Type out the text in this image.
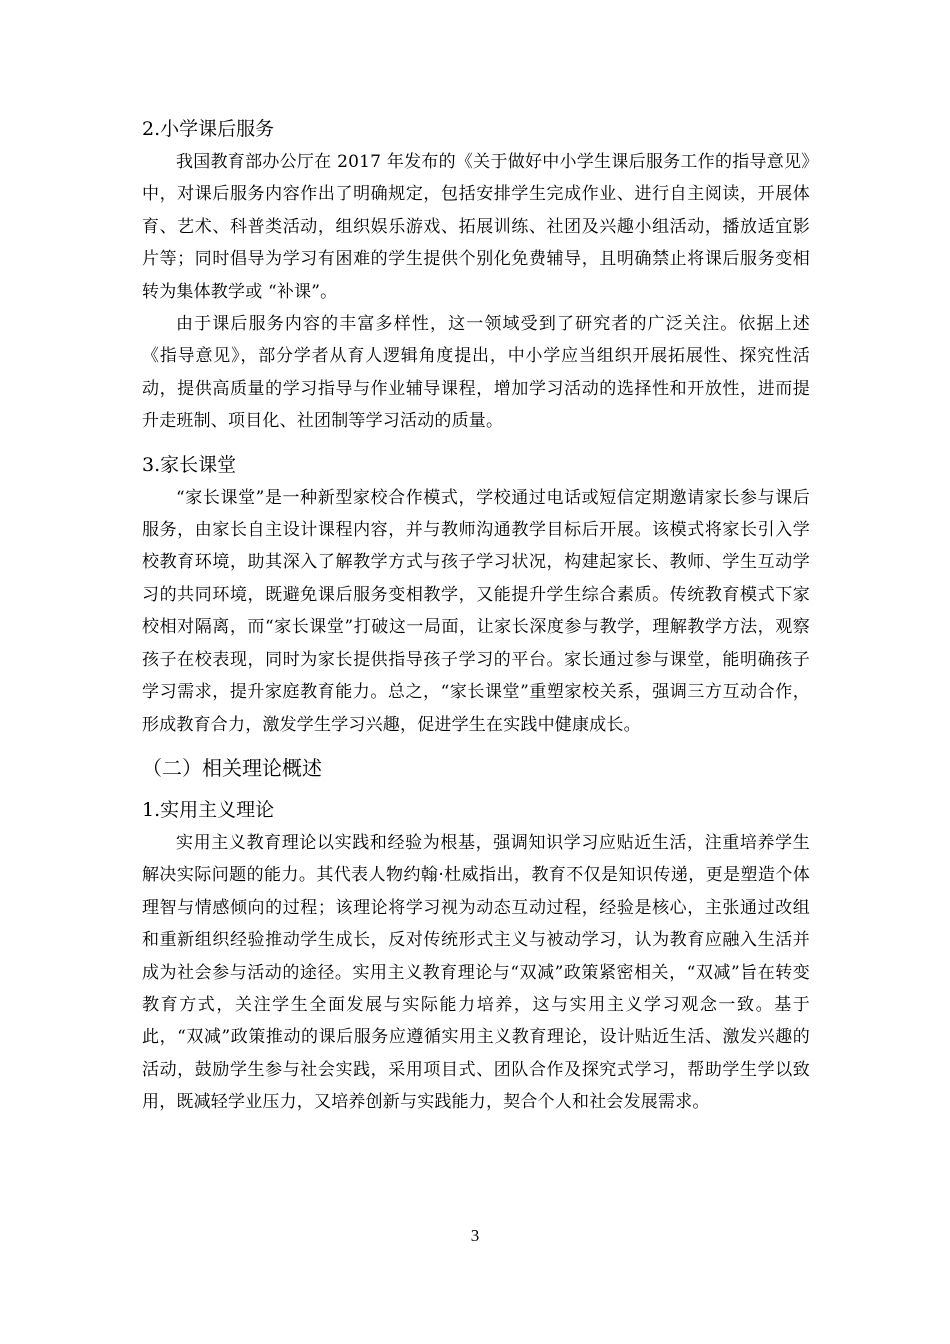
2.小学课后服务

我国教育部办公厅在 2017 年发布的《关于做好中小学生课后服务工作的指导意见》中，对课后服务内容作出了明确规定，包括安排学生完成作业、进行自主阅读，开展体育、艺术、科普类活动，组织娱乐游戏、拓展训练、社团及兴趣小组活动，播放适宜影片等；同时倡导为学习有困难的学生提供个别化免费辅导，且明确禁止将课后服务变相转为集体教学或 “补课”。

由于课后服务内容的丰富多样性，这一领域受到了研究者的广泛关注。依据上述《指导意见》，部分学者从育人逻辑角度提出，中小学应当组织开展拓展性、探究性活动，提供高质量的学习指导与作业辅导课程，增加学习活动的选择性和开放性，进而提升走班制、项目化、社团制等学习活动的质量。

3.家长课堂

“家长课堂”是一种新型家校合作模式，学校通过电话或短信定期邀请家长参与课后服务，由家长自主设计课程内容，并与教师沟通教学目标后开展。该模式将家长引入学校教育环境，助其深入了解教学方式与孩子学习状况，构建起家长、教师、学生互动学习的共同环境，既避免课后服务变相教学，又能提升学生综合素质。传统教育模式下家校相对隔离，而“家长课堂”打破这一局面，让家长深度参与教学，理解教学方法，观察孩子在校表现，同时为家长提供指导孩子学习的平台。家长通过参与课堂，能明确孩子学习需求，提升家庭教育能力。总之，“家长课堂”重塑家校关系，强调三方互动合作，形成教育合力，激发学生学习兴趣，促进学生在实践中健康成长。

（二）相关理论概述
1.实用主义理论

实用主义教育理论以实践和经验为根基，强调知识学习应贴近生活，注重培养学生解决实际问题的能力。其代表人物约翰·杜威指出，教育不仅是知识传递，更是塑造个体理智与情感倾向的过程；该理论将学习视为动态互动过程，经验是核心，主张通过改组和重新组织经验推动学生成长，反对传统形式主义与被动学习，认为教育应融入生活并成为社会参与活动的途径。实用主义教育理论与“双减”政策紧密相关，“双减”旨在转变教育方式，关注学生全面发展与实际能力培养，这与实用主义学习观念一致。基于此，“双减”政策推动的课后服务应遵循实用主义教育理论，设计贴近生活、激发兴趣的活动，鼓励学生参与社会实践，采用项目式、团队合作及探究式学习，帮助学生学以致用，既减轻学业压力，又培养创新与实践能力，契合个人和社会发展需求。

3
